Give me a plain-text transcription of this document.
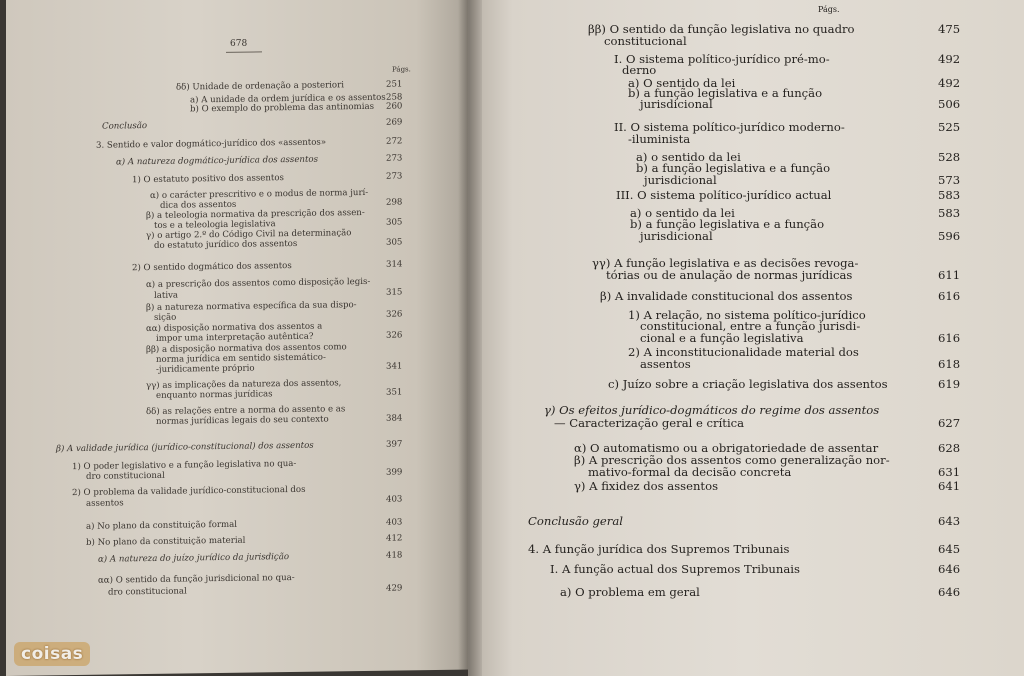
678
Págs.
δδ) Unidade de ordenação a posteriori	251
a) A unidade da ordem jurídica e os assentos 258
b) O exemplo do problema das antinomias 260
Conclusão	269
3. Sentido e valor dogmático-jurídico dos «assentos»	272
α) A natureza dogmático-jurídica dos assentos	273
1) O estatuto positivo dos assentos	273
α) o carácter prescritivo e o modus de norma jurí-
dica dos assentos	298
β) a teleologia normativa da prescrição dos assen-
tos e a teleologia legislativa	305
γ) o artigo 2.º do Código Civil na determinação
do estatuto jurídico dos assentos	305
2) O sentido dogmático dos assentos	314
α) a prescrição dos assentos como disposição legis-
lativa	315
β) a natureza normativa específica da sua dispo-
sição	326
αα) disposição normativa dos assentos a
impor uma interpretação autêntica?	326
ββ) a disposição normativa dos assentos como
norma jurídica em sentido sistemático-
-juridicamente próprio	341
γγ) as implicações da natureza dos assentos,
enquanto normas jurídicas	351
δδ) as relações entre a norma do assento e as
normas jurídicas legais do seu contexto	384
β) A validade jurídica (jurídico-constitucional) dos assentos	397
1) O poder legislativo e a função legislativa no qua-
dro constitucional	399
2) O problema da validade jurídico-constitucional dos
assentos	403
a) No plano da constituição formal	403
b) No plano da constituição material	412
α) A natureza do juízo jurídico da jurisdição	418
αα) O sentido da função jurisdicional no qua-
dro constitucional	429
Págs.
ββ) O sentido da função legislativa no quadro	475
constitucional
I. O sistema político-jurídico pré-mo-	492
derno
a) O sentido da lei	492
b) a função legislativa e a função
jurisdicional	506
II. O sistema político-jurídico moderno-	525
-iluminista
a) o sentido da lei	528
b) a função legislativa e a função
jurisdicional	573
III. O sistema político-jurídico actual	583
a) o sentido da lei	583
b) a função legislativa e a função
jurisdicional	596
γγ) A função legislativa e as decisões revoga-
tórias ou de anulação de normas jurídicas	611
β) A invalidade constitucional dos assentos	616
1) A relação, no sistema político-jurídico
constitucional, entre a função jurisdi-
cional e a função legislativa	616
2) A inconstitucionalidade material dos
assentos	618
c) Juízo sobre a criação legislativa dos assentos	619
γ) Os efeitos jurídico-dogmáticos do regime dos assentos
— Caracterização geral e crítica	627
α) O automatismo ou a obrigatoriedade de assentar	628
β) A prescrição dos assentos como generalização nor-
mativo-formal da decisão concreta	631
γ) A fixidez dos assentos	641
Conclusão geral	643
4. A função jurídica dos Supremos Tribunais	645
I. A função actual dos Supremos Tribunais	646
a) O problema em geral	646
coisas
